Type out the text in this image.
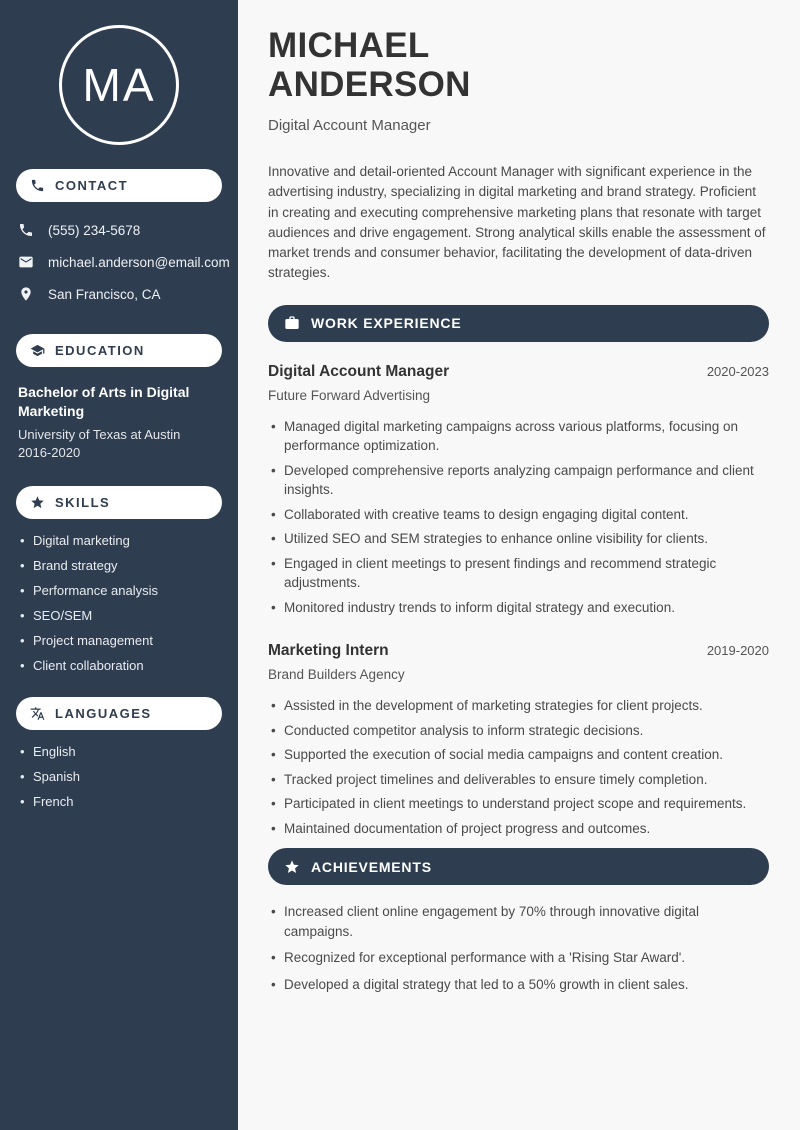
MA
CONTACT
(555) 234-5678
michael.anderson@email.com
San Francisco, CA
EDUCATION
Bachelor of Arts in Digital Marketing
University of Texas at Austin
2016-2020
SKILLS
• Digital marketing
• Brand strategy
• Performance analysis
• SEO/SEM
• Project management
• Client collaboration
LANGUAGES
• English
• Spanish
• French
MICHAEL
ANDERSON
Digital Account Manager

Innovative and detail-oriented Account Manager with significant experience in the advertising industry, specializing in digital marketing and brand strategy. Proficient in creating and executing comprehensive marketing plans that resonate with target audiences and drive engagement. Strong analytical skills enable the assessment of market trends and consumer behavior, facilitating the development of data-driven strategies.

WORK EXPERIENCE
Digital Account Manager	2020-2023
Future Forward Advertising
• Managed digital marketing campaigns across various platforms, focusing on performance optimization.
• Developed comprehensive reports analyzing campaign performance and client insights.
• Collaborated with creative teams to design engaging digital content.
• Utilized SEO and SEM strategies to enhance online visibility for clients.
• Engaged in client meetings to present findings and recommend strategic adjustments.
• Monitored industry trends to inform digital strategy and execution.
Marketing Intern	2019-2020
Brand Builders Agency
• Assisted in the development of marketing strategies for client projects.
• Conducted competitor analysis to inform strategic decisions.
• Supported the execution of social media campaigns and content creation.
• Tracked project timelines and deliverables to ensure timely completion.
• Participated in client meetings to understand project scope and requirements.
• Maintained documentation of project progress and outcomes.
ACHIEVEMENTS
• Increased client online engagement by 70% through innovative digital campaigns.
• Recognized for exceptional performance with a 'Rising Star Award'.
• Developed a digital strategy that led to a 50% growth in client sales.
